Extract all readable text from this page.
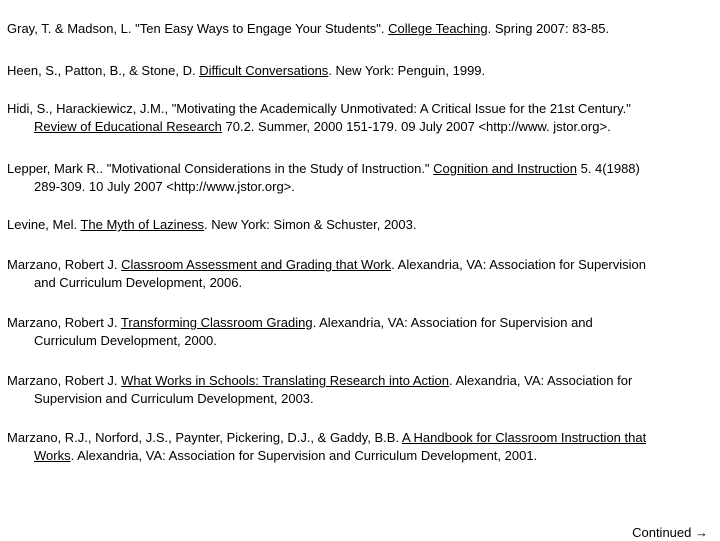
Gray, T. & Madson, L. "Ten Easy Ways to Engage Your Students". College Teaching. Spring 2007: 83-85.
Heen, S., Patton, B., & Stone, D. Difficult Conversations. New York: Penguin, 1999.
Hidi, S., Harackiewicz, J.M., "Motivating the Academically Unmotivated: A Critical Issue for the 21st Century."
Review of Educational Research 70.2. Summer, 2000 151-179. 09 July 2007 <http://www. jstor.org>.
Lepper, Mark R.. "Motivational Considerations in the Study of Instruction." Cognition and Instruction 5. 4(1988)
289-309. 10 July 2007 <http://www.jstor.org>.
Levine, Mel. The Myth of Laziness. New York: Simon & Schuster, 2003.
Marzano, Robert J. Classroom Assessment and Grading that Work. Alexandria, VA: Association for Supervision
and Curriculum Development, 2006.
Marzano, Robert J. Transforming Classroom Grading. Alexandria, VA: Association for Supervision and
Curriculum Development, 2000.
Marzano, Robert J. What Works in Schools: Translating Research into Action. Alexandria, VA: Association for
Supervision and Curriculum Development, 2003.
Marzano, R.J., Norford, J.S., Paynter, Pickering, D.J., & Gaddy, B.B. A Handbook for Classroom Instruction that
Works. Alexandria, VA: Association for Supervision and Curriculum Development, 2001.
Continued →
